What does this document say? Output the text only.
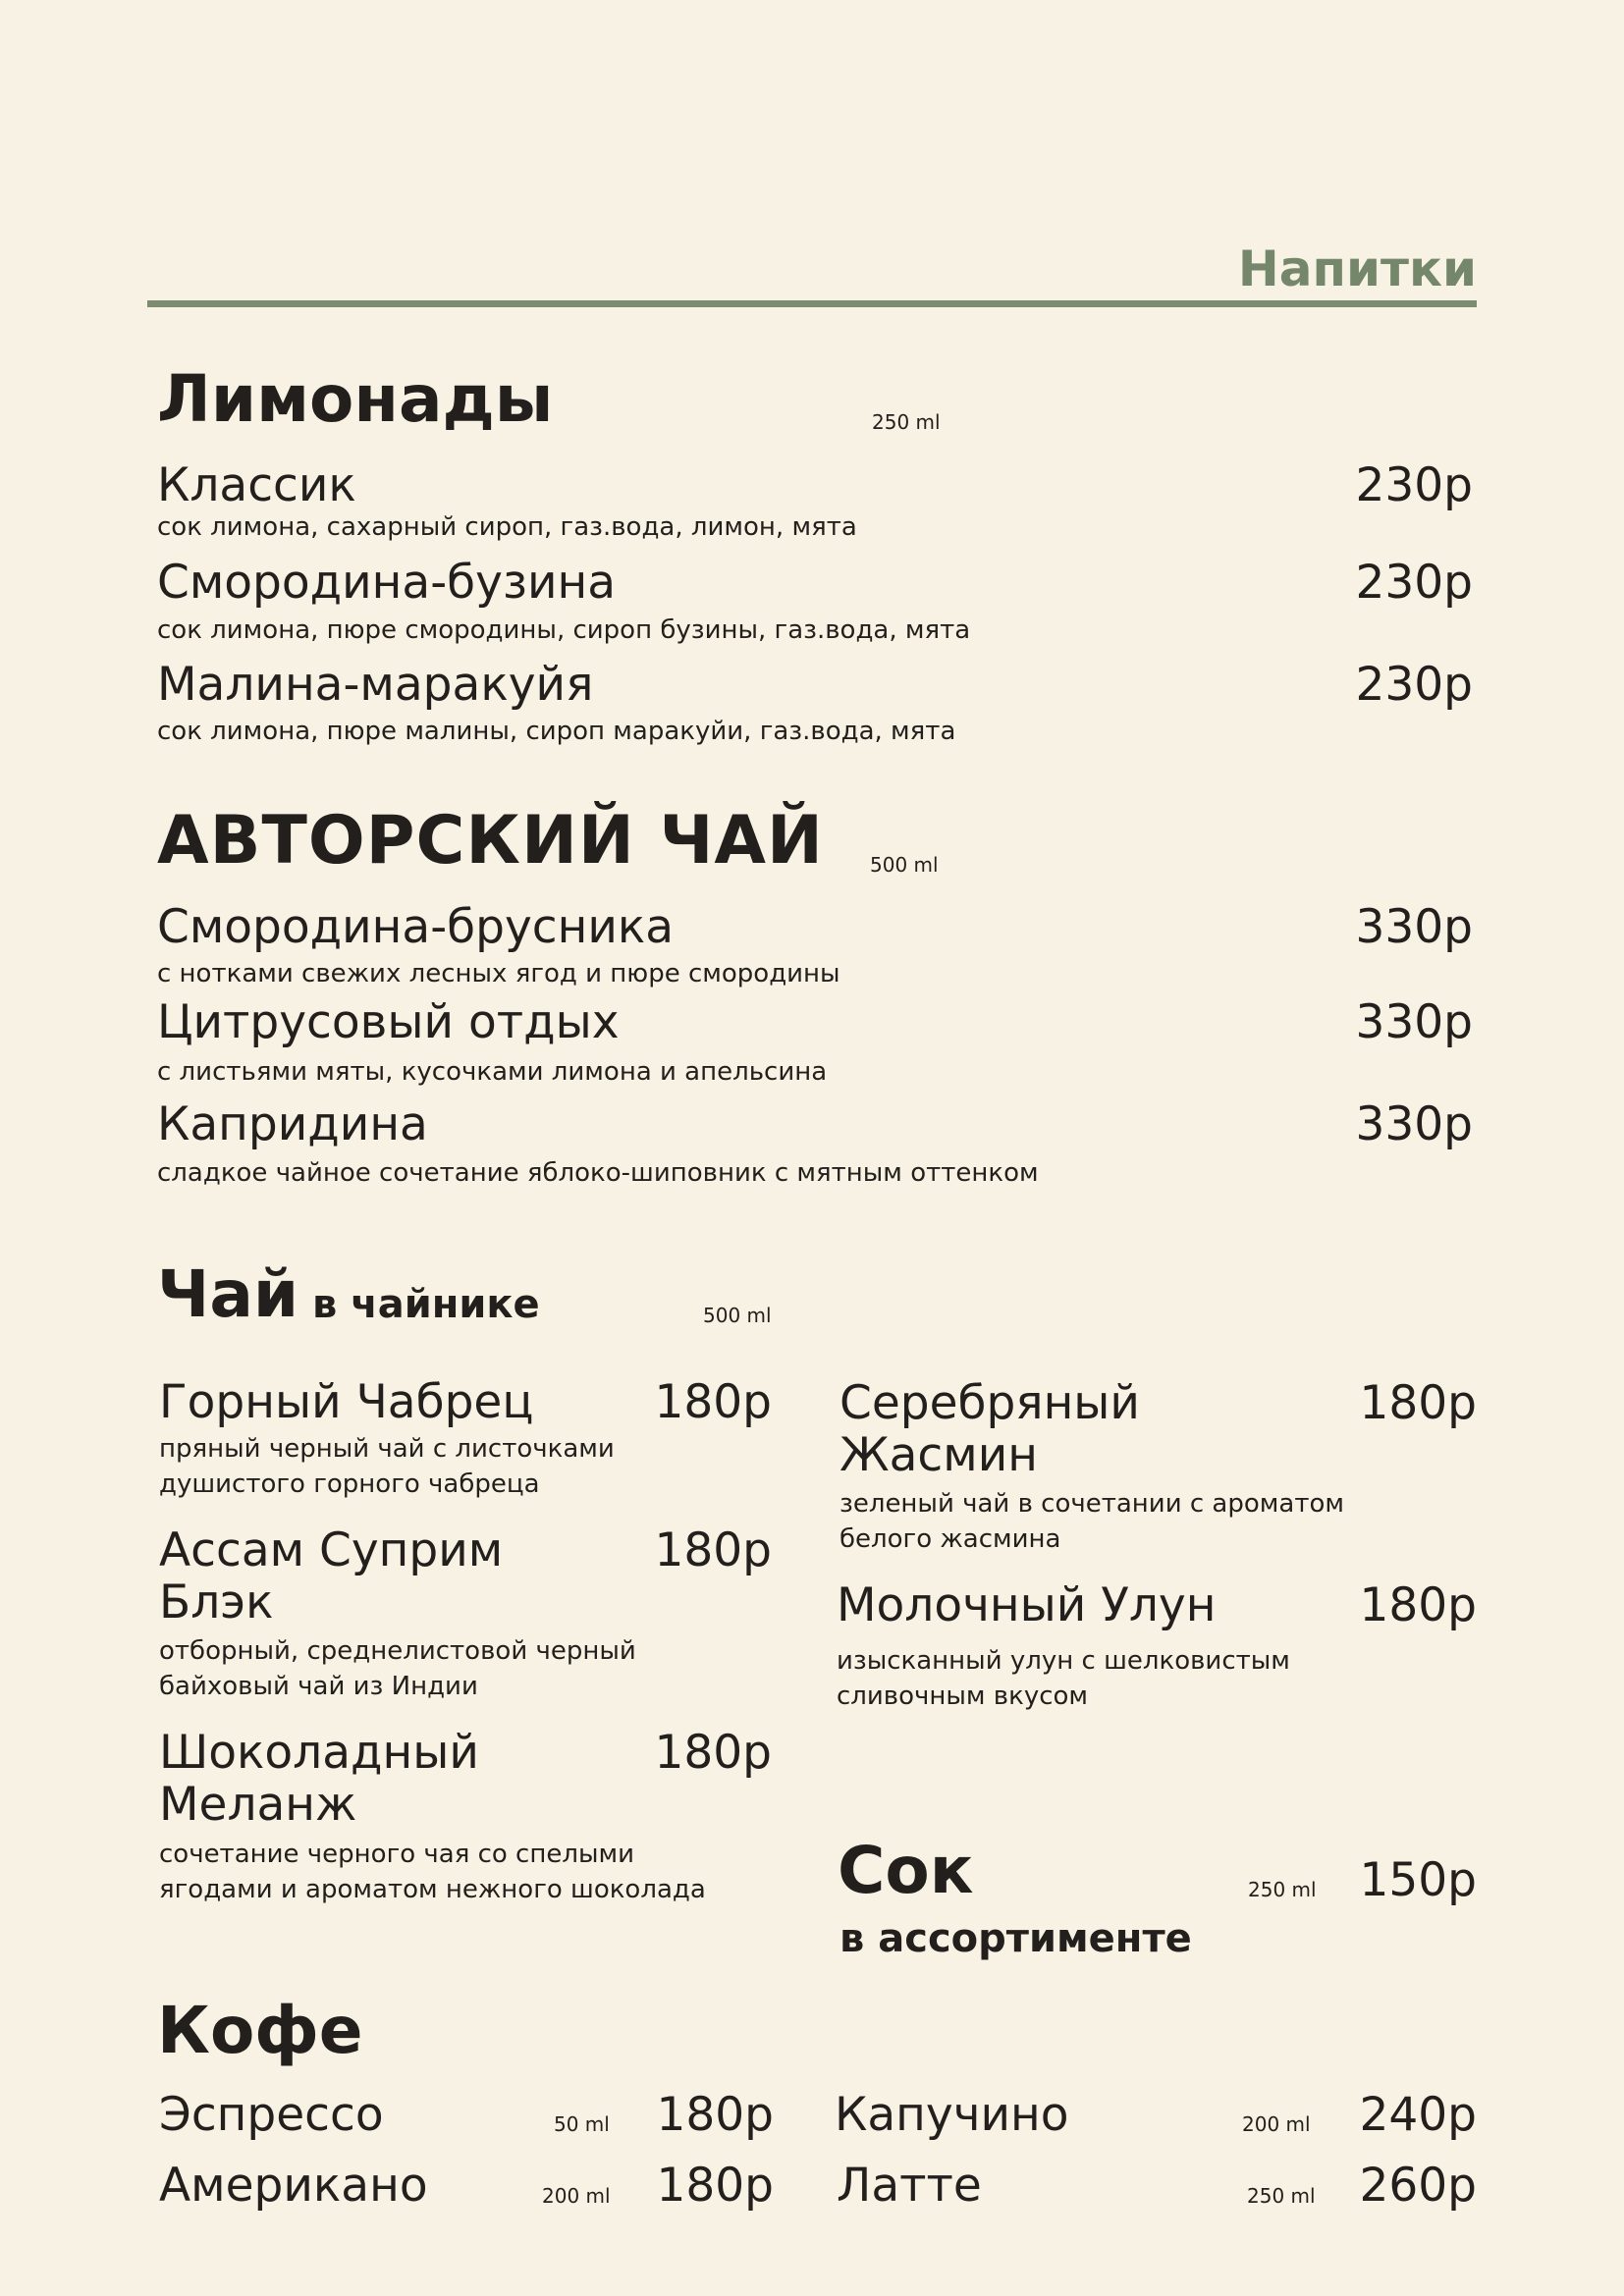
Напитки
Лимонады	250 ml
Классик
сок лимона, сахарный сироп, газ.вода, лимон, мята
230р
Смородина-бузина
сок лимона, пюре смородины, сироп бузины, газ.вода, мята
230р
Малина-маракуйя
сок лимона, пюре малины, сироп маракуйи, газ.вода, мята
230р
АВТОРСКИЙ ЧАЙ 500 ml
Смородина-брусника
с нотками свежих лесных ягод и пюре смородины
330р
Цитрусовый отдых
с листьями мяты, кусочками лимона и апельсина
330р
Капридина
сладкое чайное сочетание яблоко-шиповник с мятным оттенком
330р
Чай в чайнике	500 ml
Горный Чабрец	180р
пряный черный чай с листочками
душистого горного чабреца
Ассам Суприм
Блэк
180р
отборный, среднелистовой черный
байховый чай из Индии
Шоколадный
Меланж
180р
сочетание черного чая со спелыми
ягодами и ароматом нежного шоколада
Серебряный
Жасмин
180р
зеленый чай в сочетании с ароматом
белого жасмина
Молочный Улун	180р
изысканный улун с шелковистым
сливочным вкусом
Сок
в ассортименте
250 ml 150р
Кофе
Эспрессо	50 ml 180р
Американо	200 ml 180р
Капучино	200 ml 240р
Латте	250 ml 260р
